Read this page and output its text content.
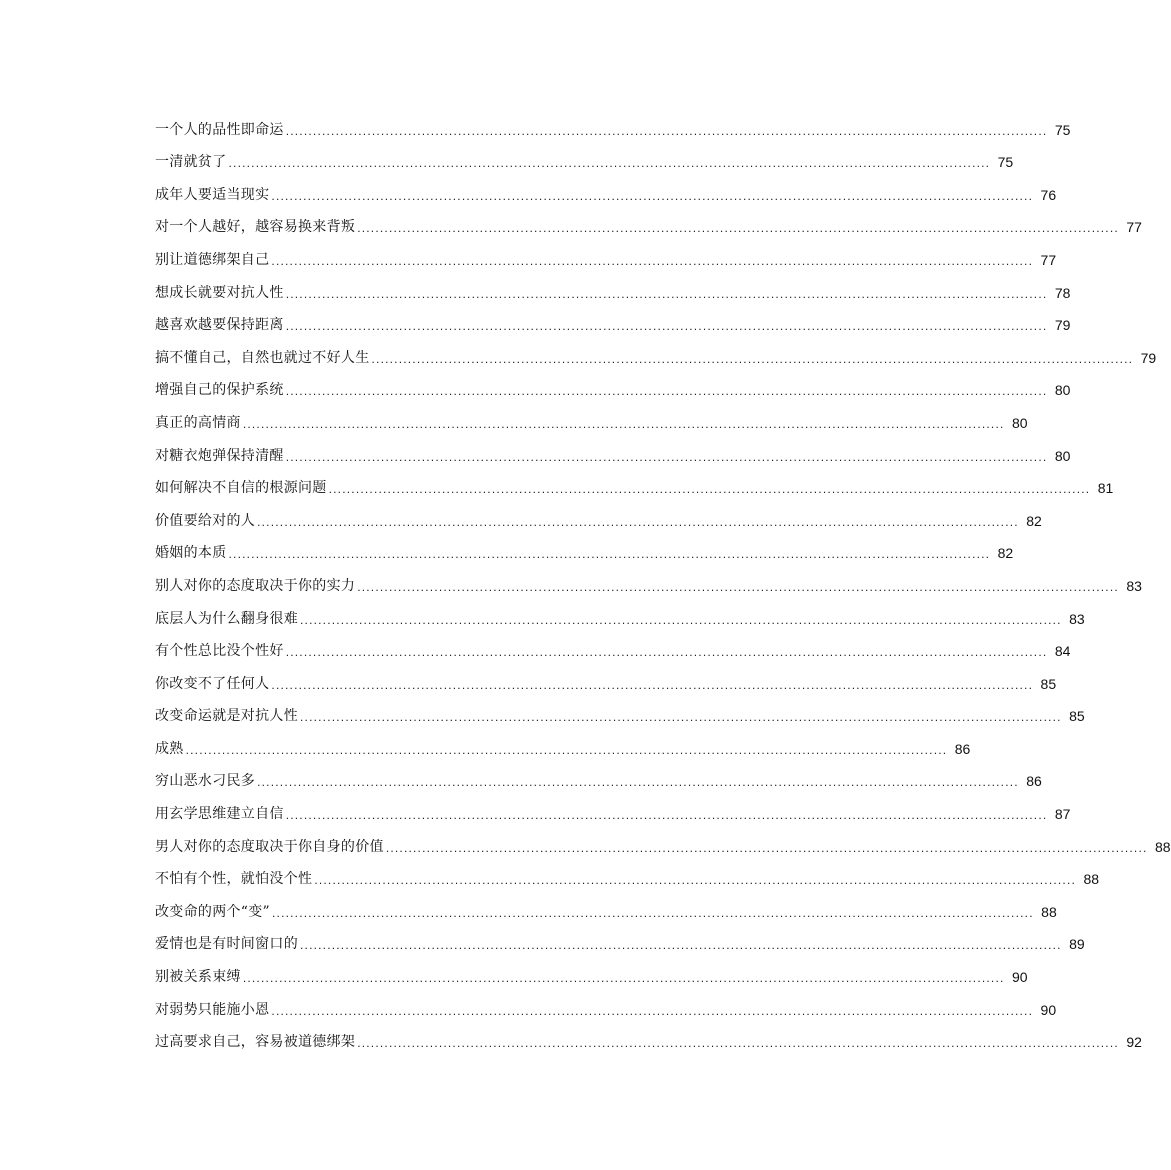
一个人的品性即命运 ........................................................................................................................................................................ 75
一清就贫了 ........................................................................................................................................................................ 75
成年人要适当现实 ........................................................................................................................................................................ 76
对一个人越好，越容易换来背叛 ........................................................................................................................................................................ 77
别让道德绑架自己 ........................................................................................................................................................................ 77
想成长就要对抗人性 ........................................................................................................................................................................ 78
越喜欢越要保持距离 ........................................................................................................................................................................ 79
搞不懂自己，自然也就过不好人生 ........................................................................................................................................................................ 79
增强自己的保护系统 ........................................................................................................................................................................ 80
真正的高情商 ........................................................................................................................................................................ 80
对糖衣炮弹保持清醒 ........................................................................................................................................................................ 80
如何解决不自信的根源问题 ........................................................................................................................................................................ 81
价值要给对的人 ........................................................................................................................................................................ 82
婚姻的本质 ........................................................................................................................................................................ 82
别人对你的态度取决于你的实力 ........................................................................................................................................................................ 83
底层人为什么翻身很难 ........................................................................................................................................................................ 83
有个性总比没个性好 ........................................................................................................................................................................ 84
你改变不了任何人 ........................................................................................................................................................................ 85
改变命运就是对抗人性 ........................................................................................................................................................................ 85
成熟 ........................................................................................................................................................................ 86
穷山恶水刁民多 ........................................................................................................................................................................ 86
用玄学思维建立自信 ........................................................................................................................................................................ 87
男人对你的态度取决于你自身的价值 ........................................................................................................................................................................ 88
不怕有个性，就怕没个性 ........................................................................................................................................................................ 88
改变命的两个“变” ........................................................................................................................................................................ 88
爱情也是有时间窗口的 ........................................................................................................................................................................ 89
别被关系束缚 ........................................................................................................................................................................ 90
对弱势只能施小恩 ........................................................................................................................................................................ 90
过高要求自己，容易被道德绑架 ........................................................................................................................................................................ 92
